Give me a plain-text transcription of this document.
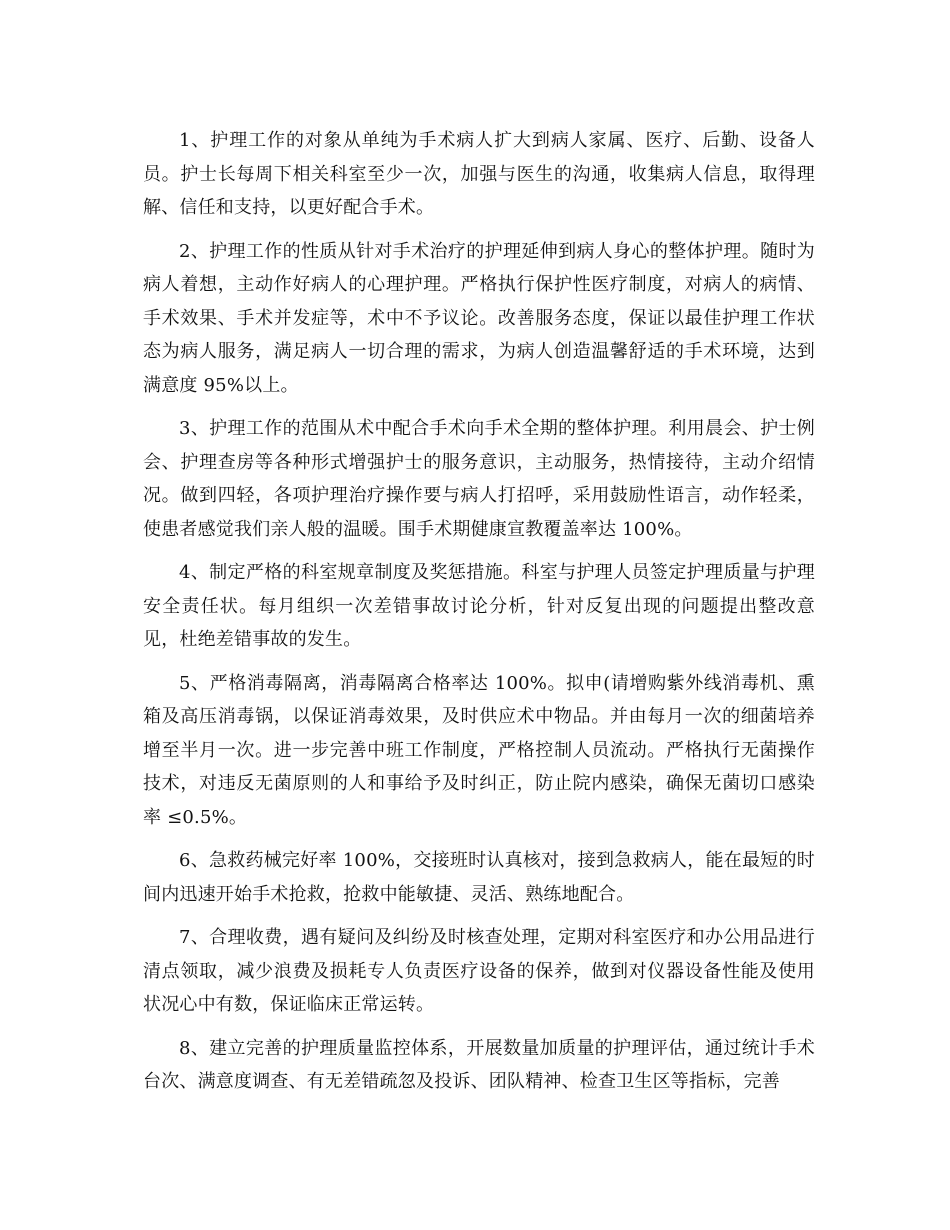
1、护理工作的对象从单纯为手术病人扩大到病人家属、医疗、后勤、设备人员。护士长每周下相关科室至少一次，加强与医生的沟通，收集病人信息，取得理解、信任和支持，以更好配合手术。

2、护理工作的性质从针对手术治疗的护理延伸到病人身心的整体护理。随时为病人着想，主动作好病人的心理护理。严格执行保护性医疗制度，对病人的病情、手术效果、手术并发症等，术中不予议论。改善服务态度，保证以最佳护理工作状态为病人服务，满足病人一切合理的需求，为病人创造温馨舒适的手术环境，达到满意度 95%以上。

3、护理工作的范围从术中配合手术向手术全期的整体护理。利用晨会、护士例会、护理查房等各种形式增强护士的服务意识，主动服务，热情接待，主动介绍情况。做到四轻，各项护理治疗操作要与病人打招呼，采用鼓励性语言，动作轻柔，使患者感觉我们亲人般的温暖。围手术期健康宣教覆盖率达 100%。

4、制定严格的科室规章制度及奖惩措施。科室与护理人员签定护理质量与护理安全责任状。每月组织一次差错事故讨论分析，针对反复出现的问题提出整改意见，杜绝差错事故的发生。

5、严格消毒隔离，消毒隔离合格率达 100%。拟申(请增购紫外线消毒机、熏箱及高压消毒锅，以保证消毒效果，及时供应术中物品。并由每月一次的细菌培养增至半月一次。进一步完善中班工作制度，严格控制人员流动。严格执行无菌操作技术，对违反无菌原则的人和事给予及时纠正，防止院内感染，确保无菌切口感染率 ≤0.5%。

6、急救药械完好率 100%，交接班时认真核对，接到急救病人，能在最短的时间内迅速开始手术抢救，抢救中能敏捷、灵活、熟练地配合。

7、合理收费，遇有疑问及纠纷及时核查处理，定期对科室医疗和办公用品进行清点领取，减少浪费及损耗专人负责医疗设备的保养，做到对仪器设备性能及使用状况心中有数，保证临床正常运转。

8、建立完善的护理质量监控体系，开展数量加质量的护理评估，通过统计手术台次、满意度调查、有无差错疏忽及投诉、团队精神、检查卫生区等指标，完善
